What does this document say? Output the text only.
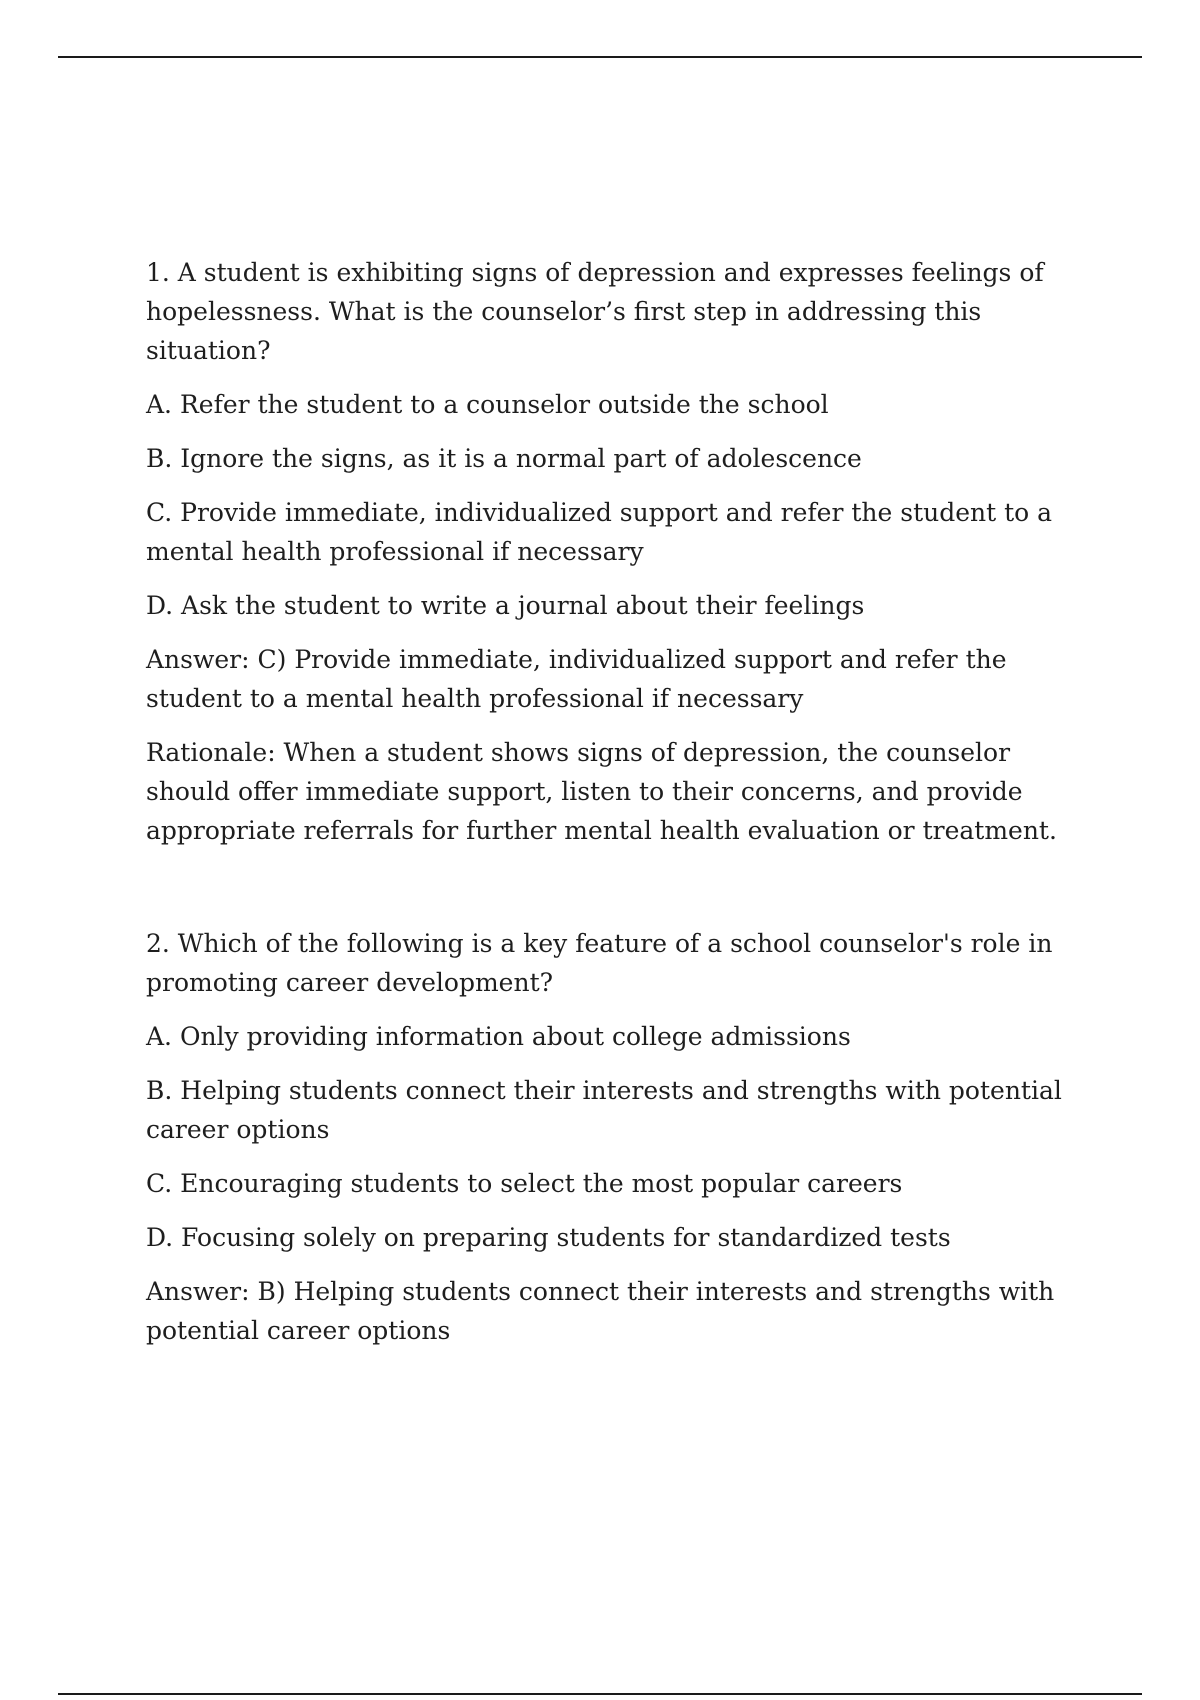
1. A student is exhibiting signs of depression and expresses feelings of hopelessness. What is the counselor’s first step in addressing this situation?

A. Refer the student to a counselor outside the school

B. Ignore the signs, as it is a normal part of adolescence

C. Provide immediate, individualized support and refer the student to a mental health professional if necessary

D. Ask the student to write a journal about their feelings

Answer: C) Provide immediate, individualized support and refer the student to a mental health professional if necessary

Rationale: When a student shows signs of depression, the counselor should offer immediate support, listen to their concerns, and provide appropriate referrals for further mental health evaluation or treatment.

2. Which of the following is a key feature of a school counselor's role in promoting career development?

A. Only providing information about college admissions

B. Helping students connect their interests and strengths with potential career options

C. Encouraging students to select the most popular careers

D. Focusing solely on preparing students for standardized tests

Answer: B) Helping students connect their interests and strengths with potential career options
